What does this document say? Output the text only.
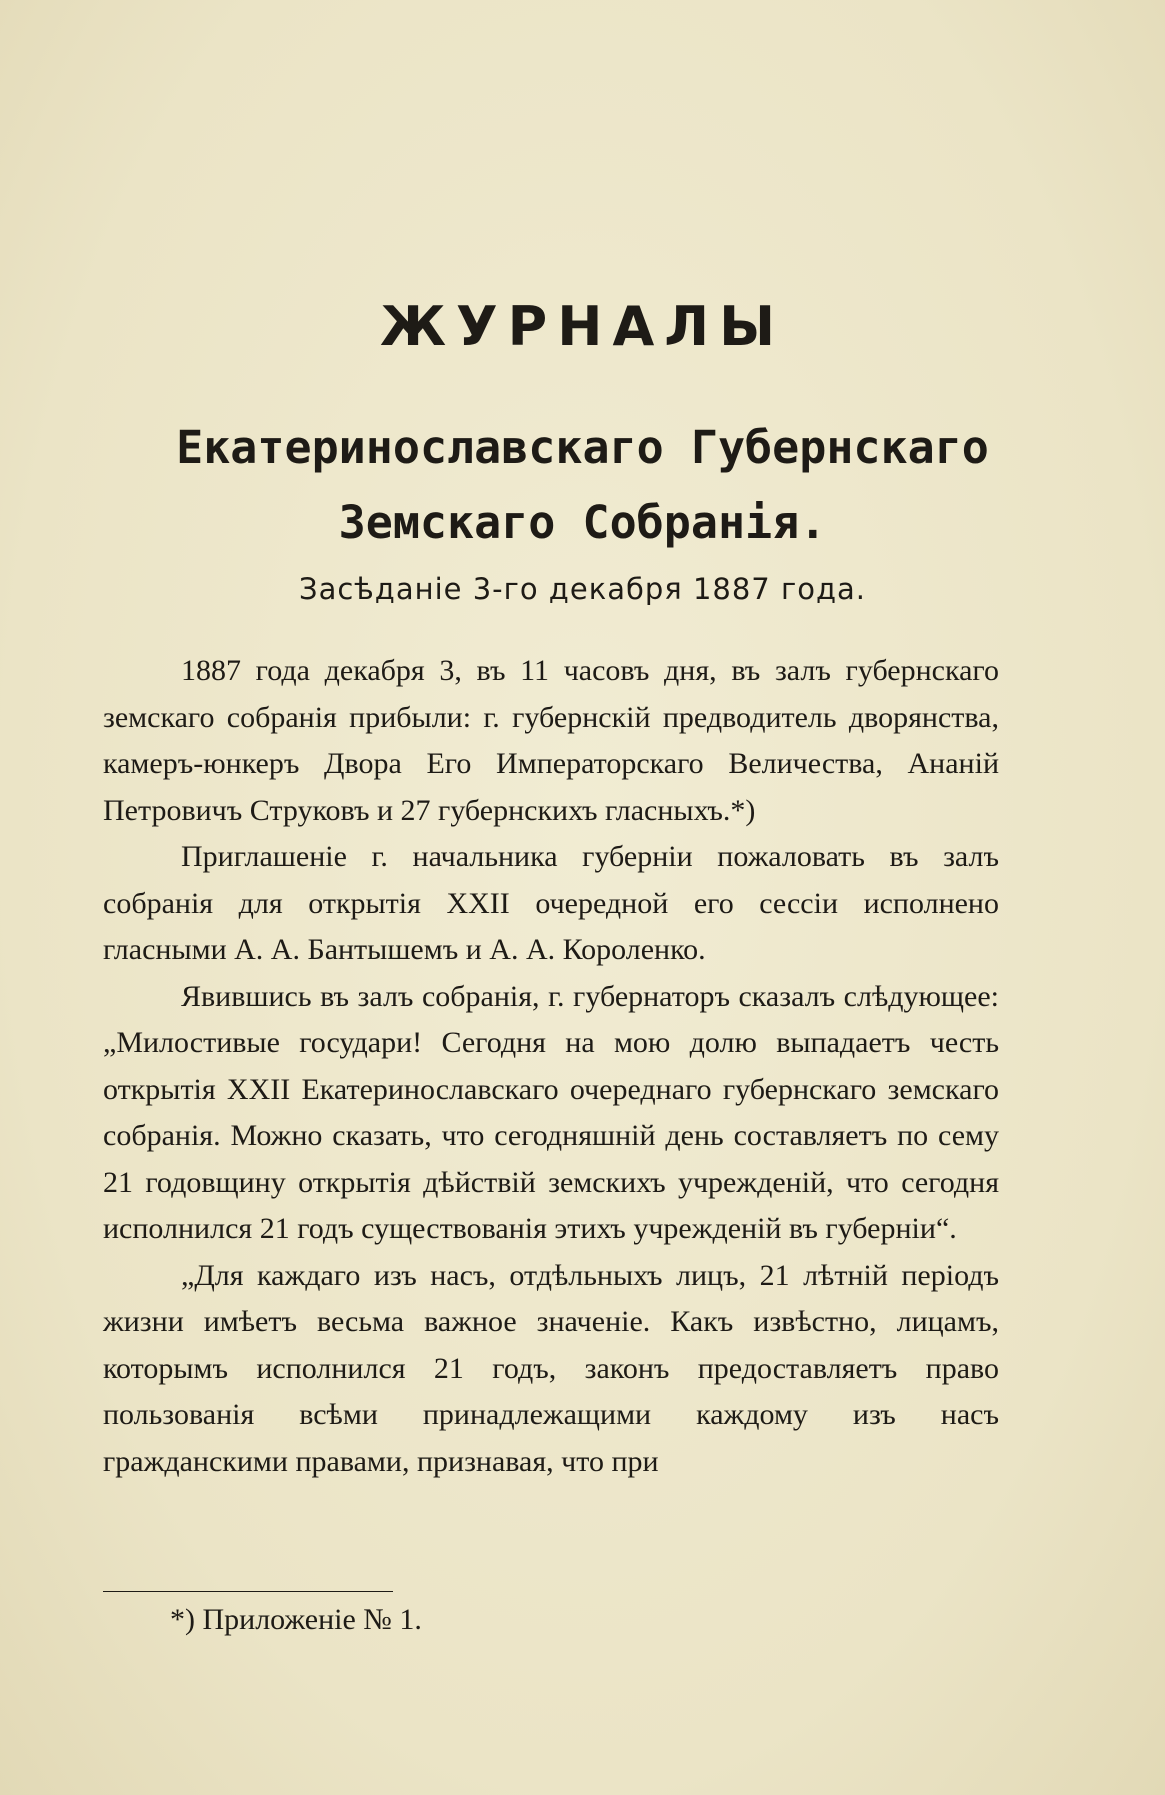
ЖУРНАЛЫ
Екатеринославскаго Губернскаго Земскаго Собранія.
Засѣданіе 3-го декабря 1887 года.

1887 года декабря 3, въ 11 часовъ дня, въ залъ губернскаго земскаго собранія прибыли: г. губернскій предводитель дворянства, камеръ-юнкеръ Двора Его Императорскаго Величества, Ананій Петровичъ Струковъ и 27 губернскихъ гласныхъ.*)

Приглашеніе г. начальника губерніи пожаловать въ залъ собранія для открытія XXII очередной его сессіи исполнено гласными А. А. Бантышемъ и А. А. Короленко.

Явившись въ залъ собранія, г. губернаторъ сказалъ слѣдующее: „Милостивые государи! Сегодня на мою долю выпадаетъ честь открытія XXII Екатеринославскаго очереднаго губернскаго земскаго собранія. Можно сказать, что сегодняшній день составляетъ по сему 21 годовщину открытія дѣйствій земскихъ учрежденій, что сегодня исполнился 21 годъ существованія этихъ учрежденій въ губерніи“.

„Для каждаго изъ насъ, отдѣльныхъ лицъ, 21 лѣтній періодъ жизни имѣетъ весьма важное значеніе. Какъ извѣстно, лицамъ, которымъ исполнился 21 годъ, законъ предоставляетъ право пользованія всѣми принадлежащими каждому изъ насъ гражданскими правами, признавая, что при

*) Приложеніе № 1.
